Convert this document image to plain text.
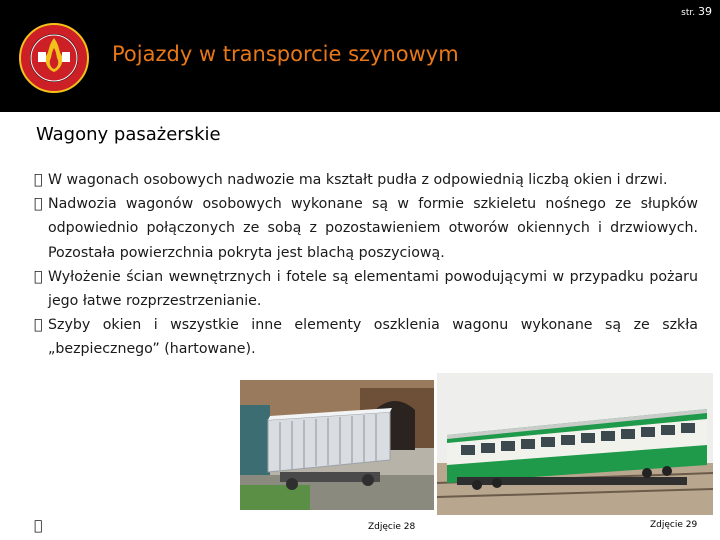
str. 39
Pojazdy w transporcie szynowym
Wagony pasażerskie
  W wagonach osobowych nadwozie ma kształt pudła z odpowiednią liczbą okien i drzwi.
  Nadwozia wagonów osobowych wykonane są w formie szkieletu nośnego ze słupków odpowiednio połączonych ze sobą z pozostawieniem otworów okiennych i drzwiowych. Pozostała powierzchnia pokryta jest blachą poszyciową.
  Wyłożenie ścian wewnętrznych i fotele są elementami powodującymi w przypadku pożaru jego łatwe rozprzestrzenianie.
  Szyby okien i wszystkie inne elementy oszklenia wagonu wykonane są ze szkła „bezpiecznego” (hartowane).
Zdjęcie 28	Zdjęcie 29
 
